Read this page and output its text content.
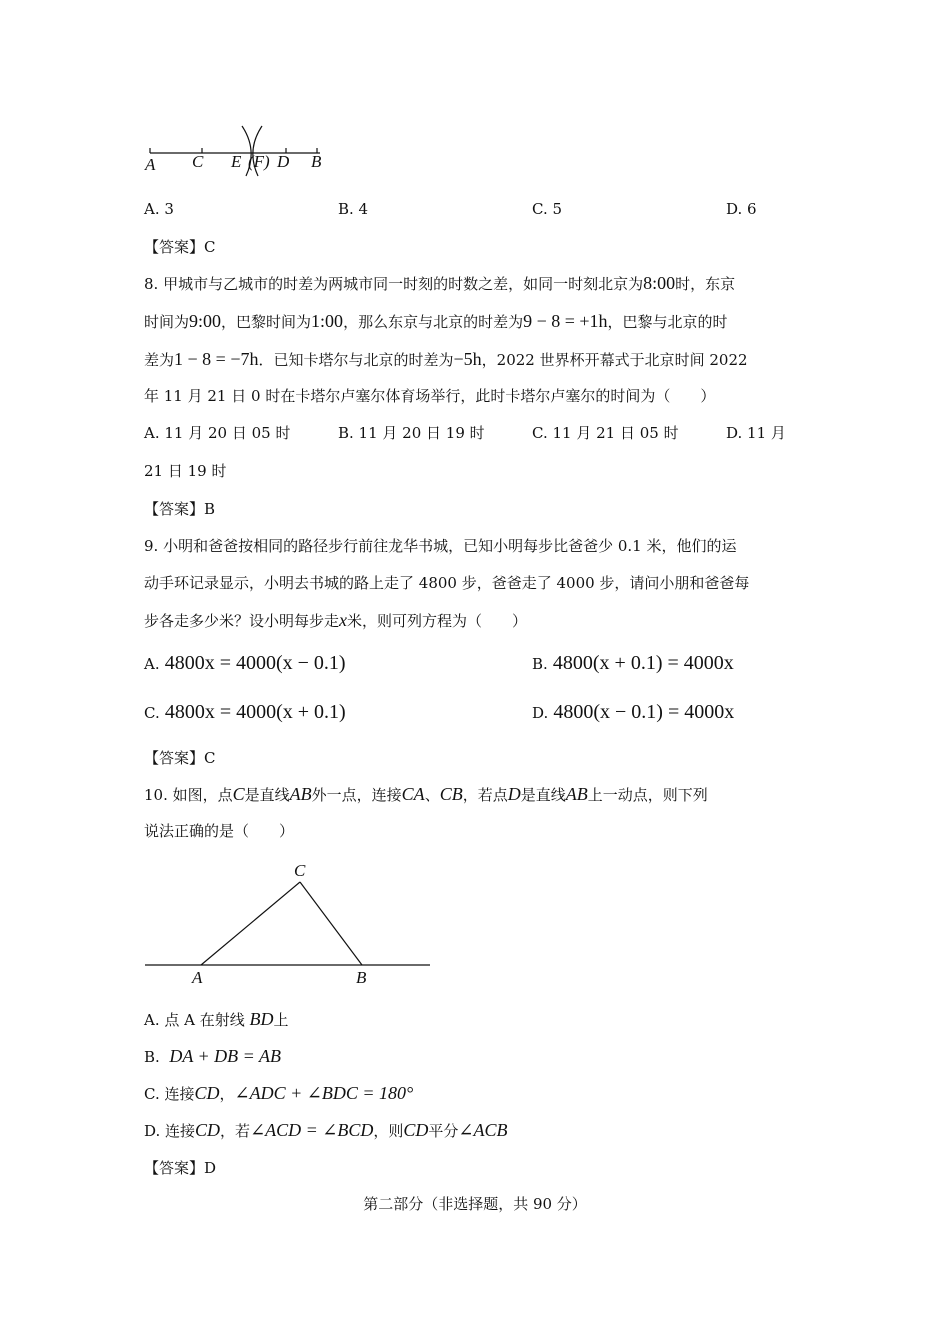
A C E (F) D B
A. 3	B. 4	C. 5	D. 6
【答案】C
8. 甲城市与乙城市的时差为两城市同一时刻的时数之差，如同一时刻北京为8:00时，东京
时间为9:00，巴黎时间为1:00，那么东京与北京的时差为9 − 8 = +1h，巴黎与北京的时
差为1 − 8 = −7h．已知卡塔尔与北京的时差为−5h，2022 世界杯开幕式于北京时间 2022
年 11 月 21 日 0 时在卡塔尔卢塞尔体育场举行，此时卡塔尔卢塞尔的时间为（　　）
A. 11 月 20 日 05 时	B. 11 月 20 日 19 时	C. 11 月 21 日 05 时	D. 11 月
21 日 19 时
【答案】B
9. 小明和爸爸按相同的路径步行前往龙华书城，已知小明每步比爸爸少 0.1 米，他们的运
动手环记录显示，小明去书城的路上走了 4800 步，爸爸走了 4000 步，请问小朋和爸爸每
步各走多少米？设小明每步走x米，则可列方程为（　　）
A. 4800x = 4000(x − 0.1)	B. 4800(x + 0.1) = 4000x
C. 4800x = 4000(x + 0.1)	D. 4800(x − 0.1) = 4000x
【答案】C
10. 如图，点C是直线AB外一点，连接CA、CB，若点D是直线AB上一动点，则下列
说法正确的是（　　）
C
A	B
A. 点 A 在射线 BD上
B. DA + DB = AB
C. 连接CD，∠ADC + ∠BDC = 180°
D. 连接CD，若∠ACD = ∠BCD，则CD平分∠ACB
【答案】D
第二部分（非选择题，共 90 分）
